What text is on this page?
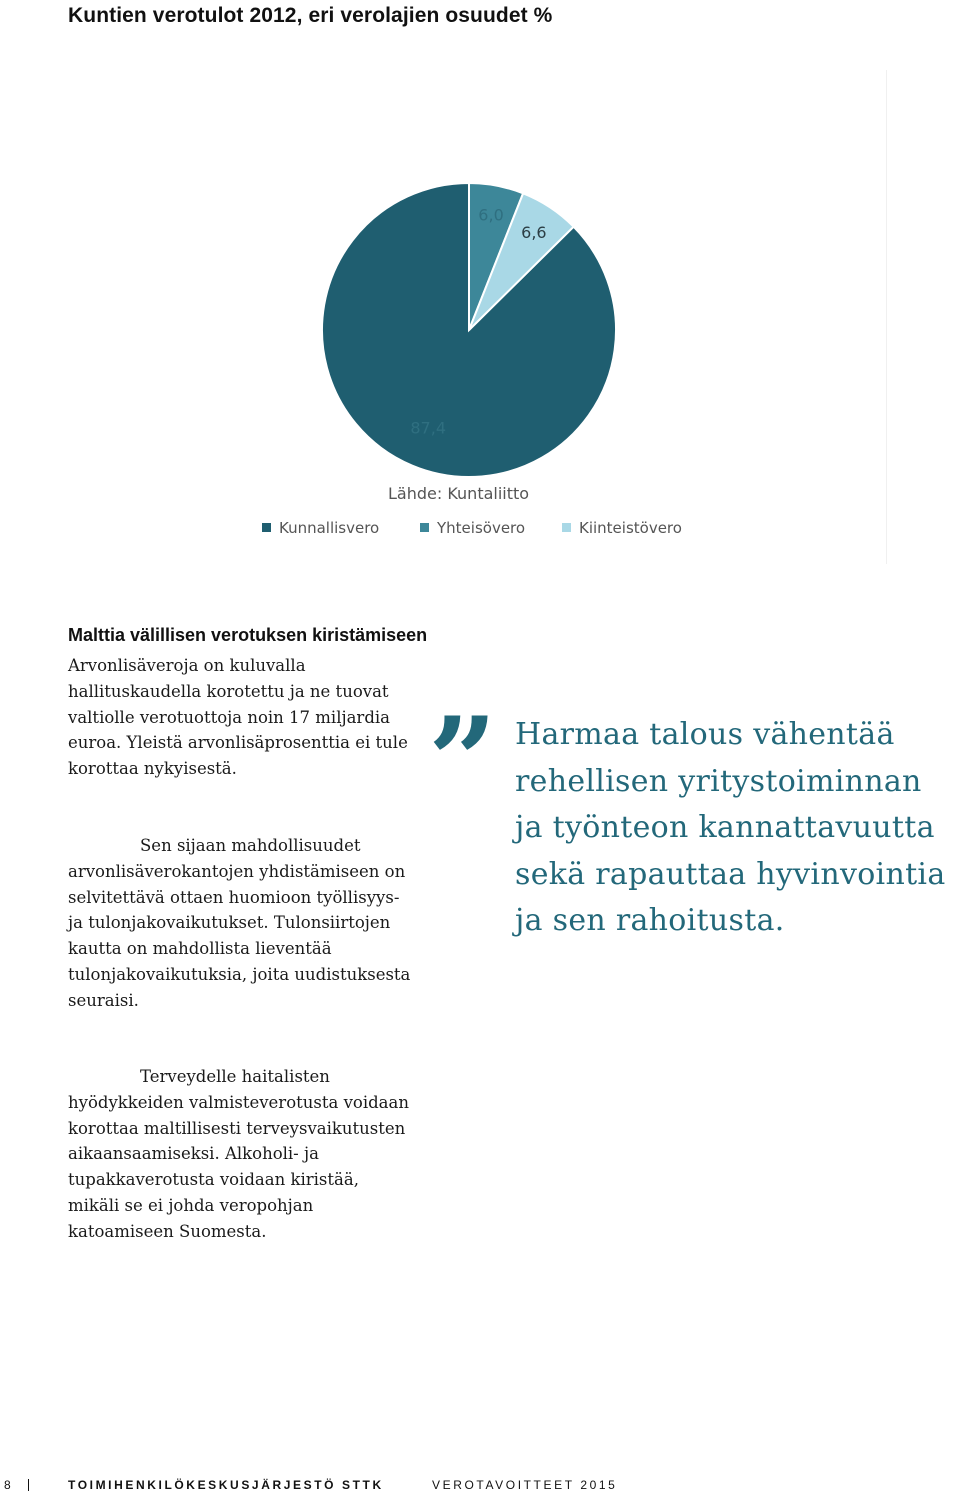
Kuntien verotulot 2012, eri verolajien osuudet %
87,4
6,0
6,6
Lähde: Kuntaliitto
Kunnallisvero	Yhteisövero	Kiinteistövero
Malttia välillisen verotuksen kiristämiseen
Arvonlisäveroja on kuluvalla hallituskaudella korotettu ja ne tuovat valtiolle verotuottoja noin 17 miljardia euroa. Yleistä arvonlisäprosenttia ei tule korottaa nykyisestä.
Sen sijaan mahdollisuudet arvonlisäverokantojen yhdistämiseen on selvitettävä ottaen huomioon työllisyys- ja tulonjakovaikutukset. Tulonsiirtojen kautta on mahdollista lieventää tulonjakovaikutuksia, joita uudistuksesta seuraisi.
Terveydelle haitalisten hyödykkeiden valmisteverotusta voidaan korottaa maltillisesti terveysvaikutusten aikaansaamiseksi. Alkoholi- ja tupakkaverotusta voidaan kiristää, mikäli se ei johda veropohjan katoamiseen Suomesta.
” Harmaa talous vähentää
rehellisen yritystoiminnan
ja työnteon kannattavuutta
sekä rapauttaa hyvinvointia
ja sen rahoitusta.
8	TOIMIHENKILÖKESKUSJÄRJESTÖ STTK	VEROTAVOITTEET 2015
